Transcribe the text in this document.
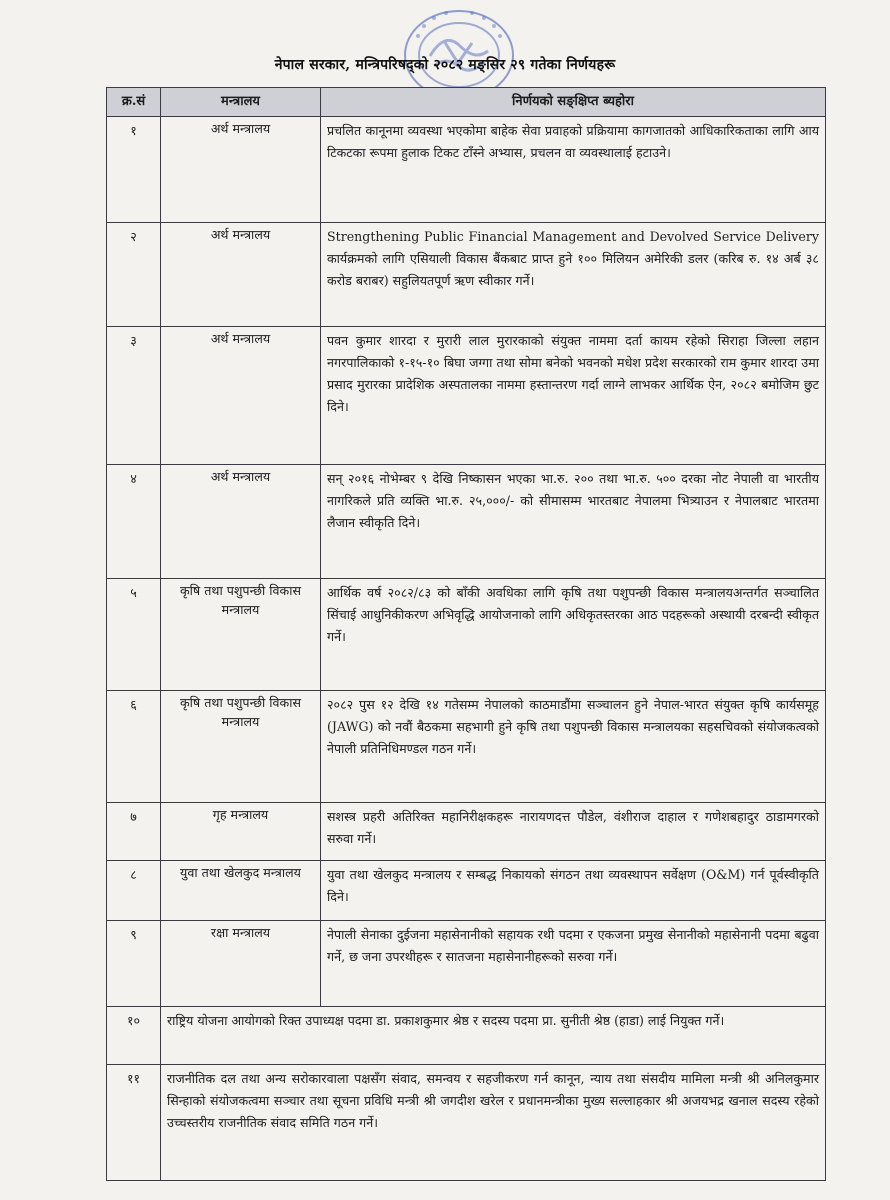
नेपाल सरकार, मन्त्रिपरिषद्को २०८२ मङ्सिर २९ गतेका निर्णयहरू
क्र.सं	मन्त्रालय	निर्णयको सङ्क्षिप्त ब्यहोरा
१	अर्थ मन्त्रालय	प्रचलित कानूनमा व्यवस्था भएकोमा बाहेक सेवा प्रवाहको प्रक्रियामा कागजातको आधिकारिकताका लागि आय टिकटका रूपमा हुलाक टिकट टाँस्ने अभ्यास, प्रचलन वा व्यवस्थालाई हटाउने।
२	अर्थ मन्त्रालय	Strengthening Public Financial Management and Devolved Service Delivery कार्यक्रमको लागि एसियाली विकास बैंकबाट प्राप्त हुने १०० मिलियन अमेरिकी डलर (करिब रु. १४ अर्ब ३८ करोड बराबर) सहुलियतपूर्ण ऋण स्वीकार गर्ने।
३	अर्थ मन्त्रालय	पवन कुमार शारदा र मुरारी लाल मुरारकाको संयुक्त नाममा दर्ता कायम रहेको सिराहा जिल्ला लहान नगरपालिकाको १-१५-१० बिघा जग्गा तथा सोमा बनेको भवनको मधेश प्रदेश सरकारको राम कुमार शारदा उमा प्रसाद मुरारका प्रादेशिक अस्पतालका नाममा हस्तान्तरण गर्दा लाग्ने लाभकर आर्थिक ऐन, २०८२ बमोजिम छुट दिने।
४	अर्थ मन्त्रालय	सन् २०१६ नोभेम्बर ९ देखि निष्कासन भएका भा.रु. २०० तथा भा.रु. ५०० दरका नोट नेपाली वा भारतीय नागरिकले प्रति व्यक्ति भा.रु. २५,०००/- को सीमासम्म भारतबाट नेपालमा भित्र्याउन र नेपालबाट भारतमा लैजान स्वीकृति दिने।
५	कृषि तथा पशुपन्छी विकास मन्त्रालय	आर्थिक वर्ष २०८२/८३ को बाँकी अवधिका लागि कृषि तथा पशुपन्छी विकास मन्त्रालयअन्तर्गत सञ्चालित सिंचाई आधुनिकीकरण अभिवृद्धि आयोजनाको लागि अधिकृतस्तरका आठ पदहरूको अस्थायी दरबन्दी स्वीकृत गर्ने।
६	कृषि तथा पशुपन्छी विकास मन्त्रालय	२०८२ पुस १२ देखि १४ गतेसम्म नेपालको काठमाडौंमा सञ्चालन हुने नेपाल-भारत संयुक्त कृषि कार्यसमूह (JAWG) को नवौं बैठकमा सहभागी हुने कृषि तथा पशुपन्छी विकास मन्त्रालयका सहसचिवको संयोजकत्वको नेपाली प्रतिनिधिमण्डल गठन गर्ने।
७	गृह मन्त्रालय	सशस्त्र प्रहरी अतिरिक्त महानिरीक्षकहरू नारायणदत्त पौडेल, वंशीराज दाहाल र गणेशबहादुर ठाडामगरको सरुवा गर्ने।
८	युवा तथा खेलकुद मन्त्रालय	युवा तथा खेलकुद मन्त्रालय र सम्बद्ध निकायको संगठन तथा व्यवस्थापन सर्वेक्षण (O&M) गर्न पूर्वस्वीकृति दिने।
९	रक्षा मन्त्रालय	नेपाली सेनाका दुईजना महासेनानीको सहायक रथी पदमा र एकजना प्रमुख सेनानीको महासेनानी पदमा बढुवा गर्ने, छ जना उपरथीहरू र सातजना महासेनानीहरूको सरुवा गर्ने।
१०	राष्ट्रिय योजना आयोगको रिक्त उपाध्यक्ष पदमा डा. प्रकाशकुमार श्रेष्ठ र सदस्य पदमा प्रा. सुनीती श्रेष्ठ (हाडा) लाई नियुक्त गर्ने।	
११	राजनीतिक दल तथा अन्य सरोकारवाला पक्षसँग संवाद, समन्वय र सहजीकरण गर्न कानून, न्याय तथा संसदीय मामिला मन्त्री श्री अनिलकुमार सिन्हाको संयोजकत्वमा सञ्चार तथा सूचना प्रविधि मन्त्री श्री जगदीश खरेल र प्रधानमन्त्रीका मुख्य सल्लाहकार श्री अजयभद्र खनाल सदस्य रहेको उच्चस्तरीय राजनीतिक संवाद समिति गठन गर्ने।	
